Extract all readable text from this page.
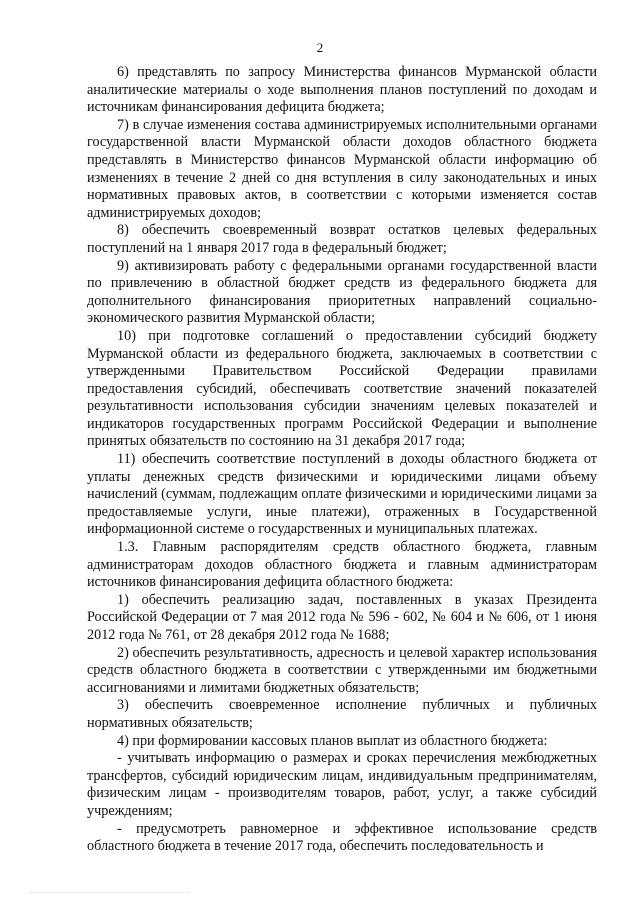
2

6) представлять по запросу Министерства финансов Мурманской области аналитические материалы о ходе выполнения планов поступлений по доходам и источникам финансирования дефицита бюджета;

7) в случае изменения состава администрируемых исполнительными органами государственной власти Мурманской области доходов областного бюджета представлять в Министерство финансов Мурманской области информацию об изменениях в течение 2 дней со дня вступления в силу законодательных и иных нормативных правовых актов, в соответствии с которыми изменяется состав администрируемых доходов;

8) обеспечить своевременный возврат остатков целевых федеральных поступлений на 1 января 2017 года в федеральный бюджет;

9) активизировать работу с федеральными органами государственной власти по привлечению в областной бюджет средств из федерального бюджета для дополнительного финансирования приоритетных направлений социально-экономического развития Мурманской области;

10) при подготовке соглашений о предоставлении субсидий бюджету Мурманской области из федерального бюджета, заключаемых в соответствии с утвержденными Правительством Российской Федерации правилами предоставления субсидий, обеспечивать соответствие значений показателей результативности использования субсидии значениям целевых показателей и индикаторов государственных программ Российской Федерации и выполнение принятых обязательств по состоянию на 31 декабря 2017 года;

11) обеспечить соответствие поступлений в доходы областного бюджета от уплаты денежных средств физическими и юридическими лицами объему начислений (суммам, подлежащим оплате физическими и юридическими лицами за предоставляемые услуги, иные платежи), отраженных в Государственной информационной системе о государственных и муниципальных платежах.

1.3. Главным распорядителям средств областного бюджета, главным администраторам доходов областного бюджета и главным администраторам источников финансирования дефицита областного бюджета:

1) обеспечить реализацию задач, поставленных в указах Президента Российской Федерации от 7 мая 2012 года № 596 - 602, № 604 и № 606, от 1 июня 2012 года № 761, от 28 декабря 2012 года № 1688;

2) обеспечить результативность, адресность и целевой характер использования средств областного бюджета в соответствии с утвержденными им бюджетными ассигнованиями и лимитами бюджетных обязательств;

3) обеспечить своевременное исполнение публичных и публичных нормативных обязательств;

4) при формировании кассовых планов выплат из областного бюджета:

- учитывать информацию о размерах и сроках перечисления межбюджетных трансфертов, субсидий юридическим лицам, индивидуальным предпринимателям, физическим лицам - производителям товаров, работ, услуг, а также субсидий учреждениям;

- предусмотреть равномерное и эффективное использование средств областного бюджета в течение 2017 года, обеспечить последовательность и
